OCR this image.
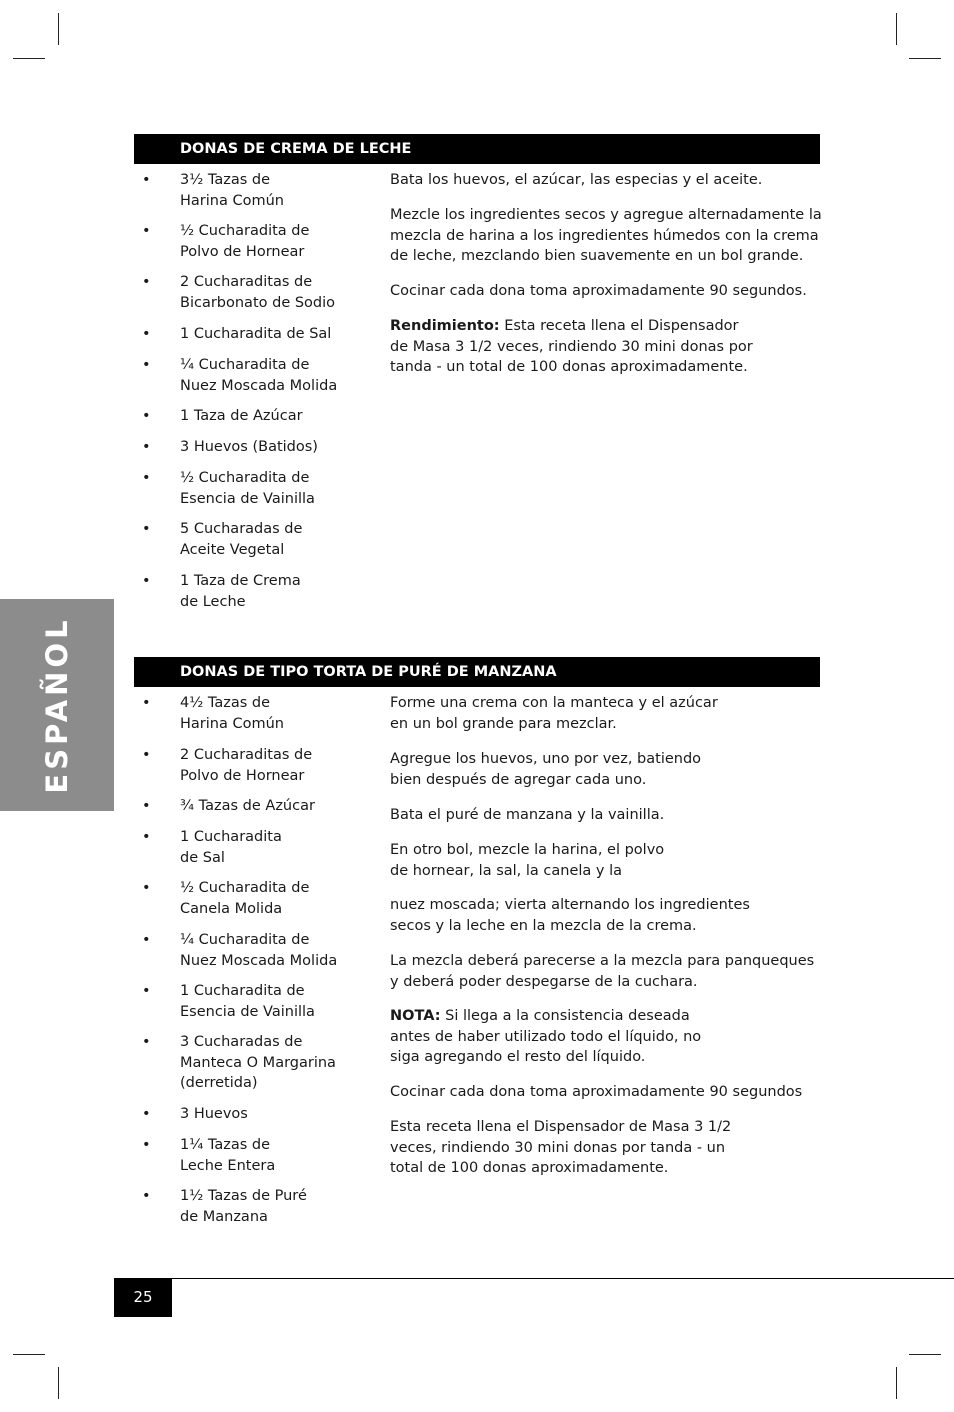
ESPAÑOL
DONAS DE CREMA DE LECHE
• 3½ Tazas de
Harina Común
• ½ Cucharadita de
Polvo de Hornear
• 2 Cucharaditas de
Bicarbonato de Sodio
• 1 Cucharadita de Sal
• ¼ Cucharadita de
Nuez Moscada Molida
• 1 Taza de Azúcar
• 3 Huevos (Batidos)
• ½ Cucharadita de
Esencia de Vainilla
• 5 Cucharadas de
Aceite Vegetal
• 1 Taza de Crema
de Leche
Bata los huevos, el azúcar, las especias y el aceite.
Mezcle los ingredientes secos y agregue alternadamente la
mezcla de harina a los ingredientes húmedos con la crema
de leche, mezclando bien suavemente en un bol grande.
Cocinar cada dona toma aproximadamente 90 segundos.
Rendimiento: Esta receta llena el Dispensador
de Masa 3 1/2 veces, rindiendo 30 mini donas por
tanda - un total de 100 donas aproximadamente.
DONAS DE TIPO TORTA DE PURÉ DE MANZANA
• 4½ Tazas de
Harina Común
• 2 Cucharaditas de
Polvo de Hornear
• ¾ Tazas de Azúcar
• 1 Cucharadita
de Sal
• ½ Cucharadita de
Canela Molida
• ¼ Cucharadita de
Nuez Moscada Molida
• 1 Cucharadita de
Esencia de Vainilla
• 3 Cucharadas de
Manteca O Margarina
(derretida)
• 3 Huevos
• 1¼ Tazas de
Leche Entera
• 1½ Tazas de Puré
de Manzana
Forme una crema con la manteca y el azúcar
en un bol grande para mezclar.
Agregue los huevos, uno por vez, batiendo
bien después de agregar cada uno.
Bata el puré de manzana y la vainilla.
En otro bol, mezcle la harina, el polvo
de hornear, la sal, la canela y la
nuez moscada; vierta alternando los ingredientes
secos y la leche en la mezcla de la crema.
La mezcla deberá parecerse a la mezcla para panqueques
y deberá poder despegarse de la cuchara.
NOTA: Si llega a la consistencia deseada
antes de haber utilizado todo el líquido, no
siga agregando el resto del líquido.
Cocinar cada dona toma aproximadamente 90 segundos
Esta receta llena el Dispensador de Masa 3 1/2
veces, rindiendo 30 mini donas por tanda - un
total de 100 donas aproximadamente.
25
